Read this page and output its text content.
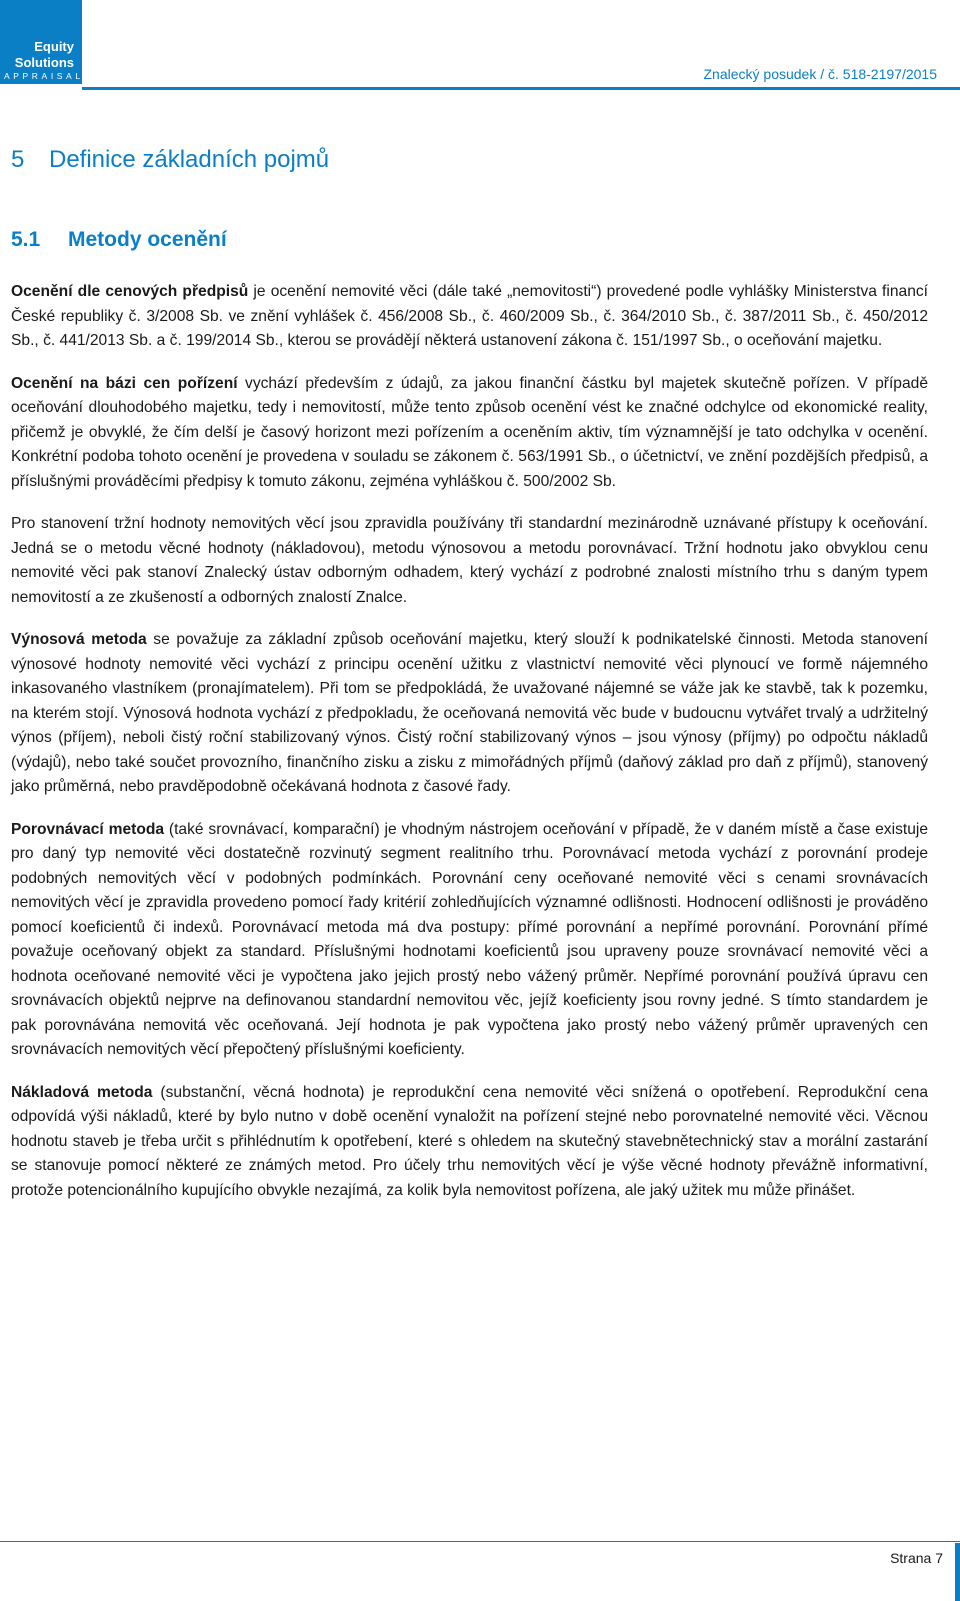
Equity
Solutions
APPRAISALS	Znalecký posudek / č. 518-2197/2015
5 Definice základních pojmů
5.1 Metody ocenění

Ocenění dle cenových předpisů je ocenění nemovité věci (dále také „nemovitosti“) provedené podle vyhlášky Ministerstva financí České republiky č. 3/2008 Sb. ve znění vyhlášek č. 456/2008 Sb., č. 460/2009 Sb., č. 364/2010 Sb., č. 387/2011 Sb., č. 450/2012 Sb., č. 441/2013 Sb. a č. 199/2014 Sb., kterou se provádějí některá ustanovení zákona č. 151/1997 Sb., o oceňování majetku.

Ocenění na bázi cen pořízení vychází především z údajů, za jakou finanční částku byl majetek skutečně pořízen. V případě oceňování dlouhodobého majetku, tedy i nemovitostí, může tento způsob ocenění vést ke značné odchylce od ekonomické reality, přičemž je obvyklé, že čím delší je časový horizont mezi pořízením a oceněním aktiv, tím významnější je tato odchylka v ocenění. Konkrétní podoba tohoto ocenění je provedena v souladu se zákonem č. 563/1991 Sb., o účetnictví, ve znění pozdějších předpisů, a příslušnými prováděcími předpisy k tomuto zákonu, zejména vyhláškou č. 500/2002 Sb.

Pro stanovení tržní hodnoty nemovitých věcí jsou zpravidla používány tři standardní mezinárodně uznávané přístupy k oceňování. Jedná se o metodu věcné hodnoty (nákladovou), metodu výnosovou a metodu porovnávací. Tržní hodnotu jako obvyklou cenu nemovité věci pak stanoví Znalecký ústav odborným odhadem, který vychází z podrobné znalosti místního trhu s daným typem nemovitostí a ze zkušeností a odborných znalostí Znalce.

Výnosová metoda se považuje za základní způsob oceňování majetku, který slouží k podnikatelské činnosti. Metoda stanovení výnosové hodnoty nemovité věci vychází z principu ocenění užitku z vlastnictví nemovité věci plynoucí ve formě nájemného inkasovaného vlastníkem (pronajímatelem). Při tom se předpokládá, že uvažované nájemné se váže jak ke stavbě, tak k pozemku, na kterém stojí. Výnosová hodnota vychází z předpokladu, že oceňovaná nemovitá věc bude v budoucnu vytvářet trvalý a udržitelný výnos (příjem), neboli čistý roční stabilizovaný výnos. Čistý roční stabilizovaný výnos – jsou výnosy (příjmy) po odpočtu nákladů (výdajů), nebo také součet provozního, finančního zisku a zisku z mimořádných příjmů (daňový základ pro daň z příjmů), stanovený jako průměrná, nebo pravděpodobně očekávaná hodnota z časové řady.

Porovnávací metoda (také srovnávací, komparační) je vhodným nástrojem oceňování v případě, že v daném místě a čase existuje pro daný typ nemovité věci dostatečně rozvinutý segment realitního trhu. Porovnávací metoda vychází z porovnání prodeje podobných nemovitých věcí v podobných podmínkách. Porovnání ceny oceňované nemovité věci s cenami srovnávacích nemovitých věcí je zpravidla provedeno pomocí řady kritérií zohledňujících významné odlišnosti. Hodnocení odlišnosti je prováděno pomocí koeficientů či indexů. Porovnávací metoda má dva postupy: přímé porovnání a nepřímé porovnání. Porovnání přímé považuje oceňovaný objekt za standard. Příslušnými hodnotami koeficientů jsou upraveny pouze srovnávací nemovité věci a hodnota oceňované nemovité věci je vypočtena jako jejich prostý nebo vážený průměr. Nepřímé porovnání používá úpravu cen srovnávacích objektů nejprve na definovanou standardní nemovitou věc, jejíž koeficienty jsou rovny jedné. S tímto standardem je pak porovnávána nemovitá věc oceňovaná. Její hodnota je pak vypočtena jako prostý nebo vážený průměr upravených cen srovnávacích nemovitých věcí přepočtený příslušnými koeficienty.

Nákladová metoda (substanční, věcná hodnota) je reprodukční cena nemovité věci snížená o opotřebení. Reprodukční cena odpovídá výši nákladů, které by bylo nutno v době ocenění vynaložit na pořízení stejné nebo porovnatelné nemovité věci. Věcnou hodnotu staveb je třeba určit s přihlédnutím k opotřebení, které s ohledem na skutečný stavebnětechnický stav a morální zastarání se stanovuje pomocí některé ze známých metod. Pro účely trhu nemovitých věcí je výše věcné hodnoty převážně informativní, protože potencionálního kupujícího obvykle nezajímá, za kolik byla nemovitost pořízena, ale jaký užitek mu může přinášet.

Strana 7
